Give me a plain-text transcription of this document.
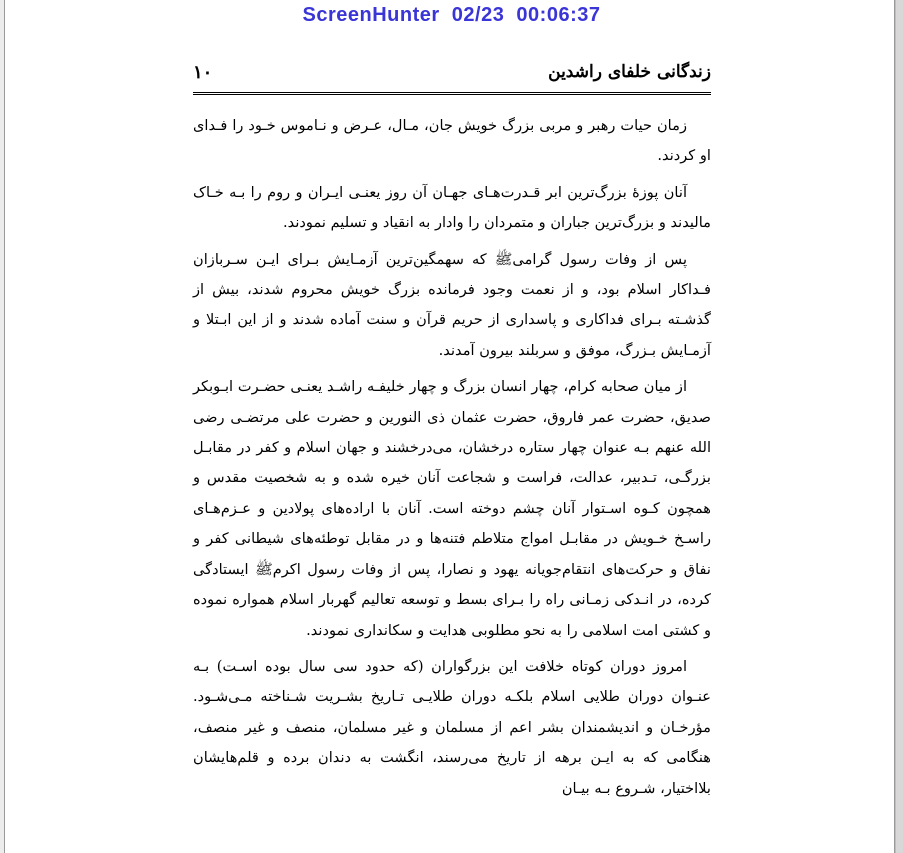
ScreenHunter  02/23  00:06:37
زندگانی خلفای راشدین
۱۰

زمان حیات رهبر و مربی بزرگ خویش جان، مـال، عـرض و نـاموس خـود را فـدای او کردند.

آنان پوزۀ بزرگ‌ترین ابر قـدرت‌هـای جهـان آن روز یعنـی ایـران و روم را بـه خـاک مالیدند و بزرگ‌ترین جباران و متمردان را وادار به انقیاد و تسلیم نمودند.

پس از وفات رسول گرامیﷺ که سهمگین‌ترین آزمـایش بـرای ایـن سـربازان فـداکار اسلام بود، و از نعمت وجود فرمانده بزرگ خویش محروم شدند، بیش از گذشـته بـرای فداکاری و پاسداری از حریم قرآن و سنت آماده شدند و از این ابـتلا و آزمـایش بـزرگ، موفق و سربلند بیرون آمدند.

از میان صحابه کرام، چهار انسان بزرگ و چهار خلیفـه راشـد یعنـی حضـرت ابـوبکر صدیق، حضرت عمر فاروق، حضرت عثمان ذی النورین و حضرت علی مرتضـی‌ رضی الله عنهم بـه عنوان چهار ستاره درخشان، می‌درخشند و جهان اسلام و کفر در مقابـل بزرگـی، تـدبیر، عدالت، فراست و شجاعت آنان خیره شده و به شخصیت مقدس و همچون کـوه اسـتوار آنان چشم دوخته است. آنان با اراده‌های پولادین و عـزم‌هـای راسـخ خـویش در مقابـل امواج متلاطم فتنه‌ها و در مقابل توطئه‌های شیطانی کفر و نفاق و حرکت‌های انتقام‌جویانه یهود و نصارا، پس از وفات رسول اکرمﷺ ایستادگی کرده، در انـدکی زمـانی راه را بـرای بسط و توسعه تعالیم گهربار اسلام همواره نموده و کشتی امت اسلامی را به نحو مطلوبی هدایت و سکانداری نمودند.

امروز دوران کوتاه خلافت این بزرگواران (که حدود سی سال بوده اسـت) بـه عنـوان دوران طلایی اسلام بلکـه دوران طلایـی تـاریخ بشـریت شـناخته مـی‌شـود. مؤرخـان و اندیشمندان بشر اعم از مسلمان و غیر مسلمان، منصف و غیر منصف، هنگامی که به ایـن برهه از تاریخ می‌رسند، انگشت به دندان برده و قلم‌هایشان بلااختیار، شـروع بـه بیـان
